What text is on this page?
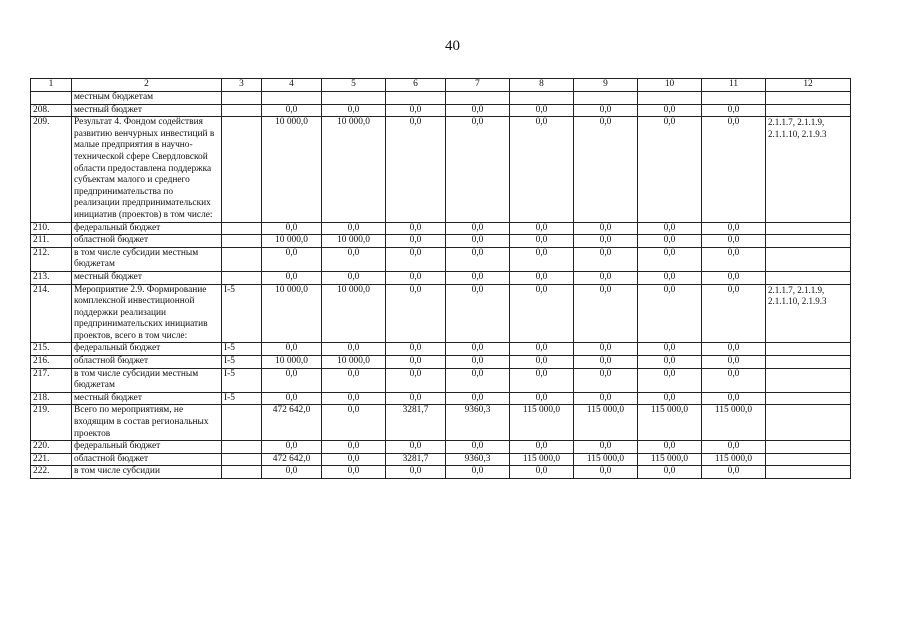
40
1	2	3	4	5	6	7	8	9	10	11	12
	местным бюджетам										
208.	местный бюджет		0,0	0,0	0,0	0,0	0,0	0,0	0,0	0,0	
209.	Результат 4. Фондом содействия развитию венчурных инвестиций в малые предприятия в научно-технической сфере Свердловской области предоставлена поддержка субъектам малого и среднего предпринимательства по реализации предпринимательских инициатив (проектов) в том числе:		10 000,0	10 000,0	0,0	0,0	0,0	0,0	0,0	0,0	2.1.1.7, 2.1.1.9, 2.1.1.10, 2.1.9.3
210.	федеральный бюджет		0,0	0,0	0,0	0,0	0,0	0,0	0,0	0,0	
211.	областной бюджет		10 000,0	10 000,0	0,0	0,0	0,0	0,0	0,0	0,0	
212.	в том числе субсидии местным бюджетам		0,0	0,0	0,0	0,0	0,0	0,0	0,0	0,0	
213.	местный бюджет		0,0	0,0	0,0	0,0	0,0	0,0	0,0	0,0	
214.	Мероприятие 2.9. Формирование комплексной инвестиционной поддержки реализации предпринимательских инициатив проектов, всего в том числе:	I-5	10 000,0	10 000,0	0,0	0,0	0,0	0,0	0,0	0,0	2.1.1.7, 2.1.1.9, 2.1.1.10, 2.1.9.3
215.	федеральный бюджет	I-5	0,0	0,0	0,0	0,0	0,0	0,0	0,0	0,0	
216.	областной бюджет	I-5	10 000,0	10 000,0	0,0	0,0	0,0	0,0	0,0	0,0	
217.	в том числе субсидии местным бюджетам	I-5	0,0	0,0	0,0	0,0	0,0	0,0	0,0	0,0	
218.	местный бюджет	I-5	0,0	0,0	0,0	0,0	0,0	0,0	0,0	0,0	
219.	Всего по мероприятиям, не входящим в состав региональных проектов		472 642,0	0,0	3281,7	9360,3	115 000,0	115 000,0	115 000,0	115 000,0	
220.	федеральный бюджет		0,0	0,0	0,0	0,0	0,0	0,0	0,0	0,0	
221.	областной бюджет		472 642,0	0,0	3281,7	9360,3	115 000,0	115 000,0	115 000,0	115 000,0	
222.	в том числе субсидии		0,0	0,0	0,0	0,0	0,0	0,0	0,0	0,0	
